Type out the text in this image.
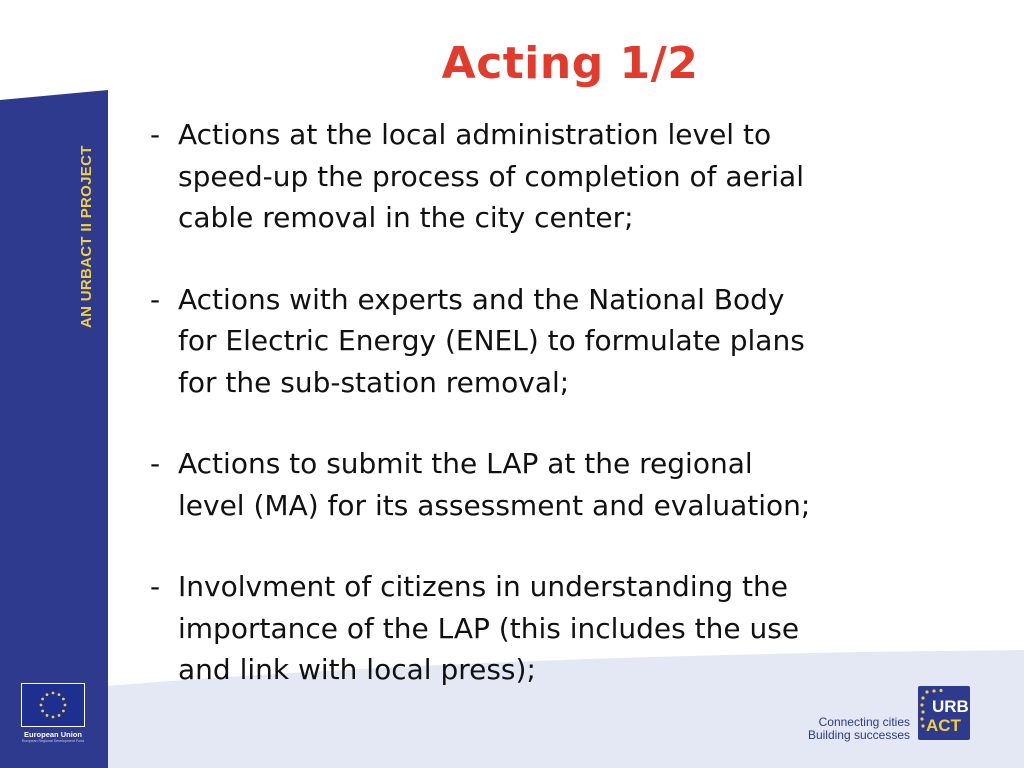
AN URBACT II PROJECT
European Union
European Regional Development Fund
Acting 1/2
- Actions at the local administration level to
speed-up the process of completion of aerial
cable removal in the city center;
- Actions with experts and the National Body
for Electric Energy (ENEL) to formulate plans
for the sub-station removal;
- Actions to submit the LAP at the regional
level (MA) for its assessment and evaluation;
- Involvment of citizens in understanding the
importance of the LAP (this includes the use
and link with local press);
Connecting cities
Building successes
URB
ACT
